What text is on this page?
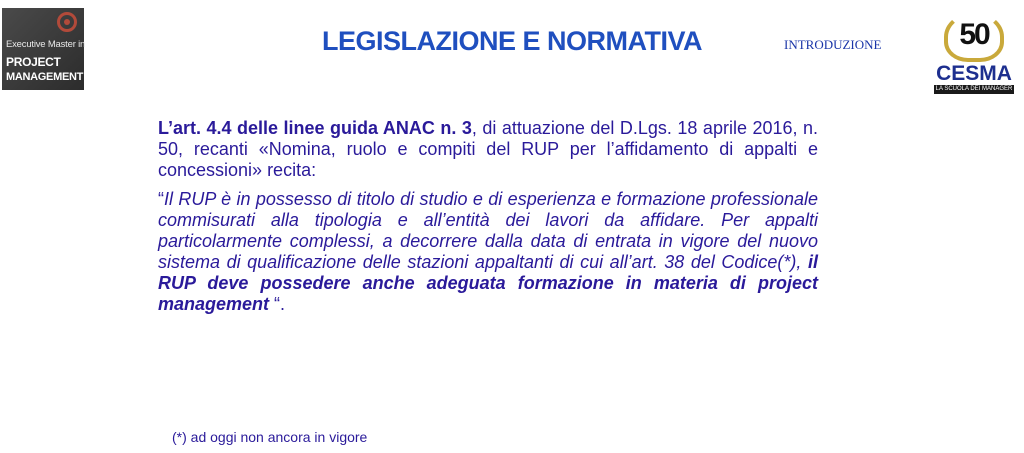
Executive Master in
PROJECT
MANAGEMENT
LEGISLAZIONE E NORMATIVA	INTRODUZIONE	50
CESMA
LA SCUOLA DEI MANAGER

L’art. 4.4 delle linee guida ANAC n. 3, di attuazione del D.Lgs. 18 aprile 2016, n. 50, recanti «Nomina, ruolo e compiti del RUP per l’affidamento di appalti e concessioni» recita:

“Il RUP è in possesso di titolo di studio e di esperienza e formazione professionale commisurati alla tipologia e all’entità dei lavori da affidare. Per appalti particolarmente complessi, a decorrere dalla data di entrata in vigore del nuovo sistema di qualificazione delle stazioni appaltanti di cui all’art. 38 del Codice(*), il RUP deve possedere anche adeguata formazione in materia di project management “.

(*) ad oggi non ancora in vigore
